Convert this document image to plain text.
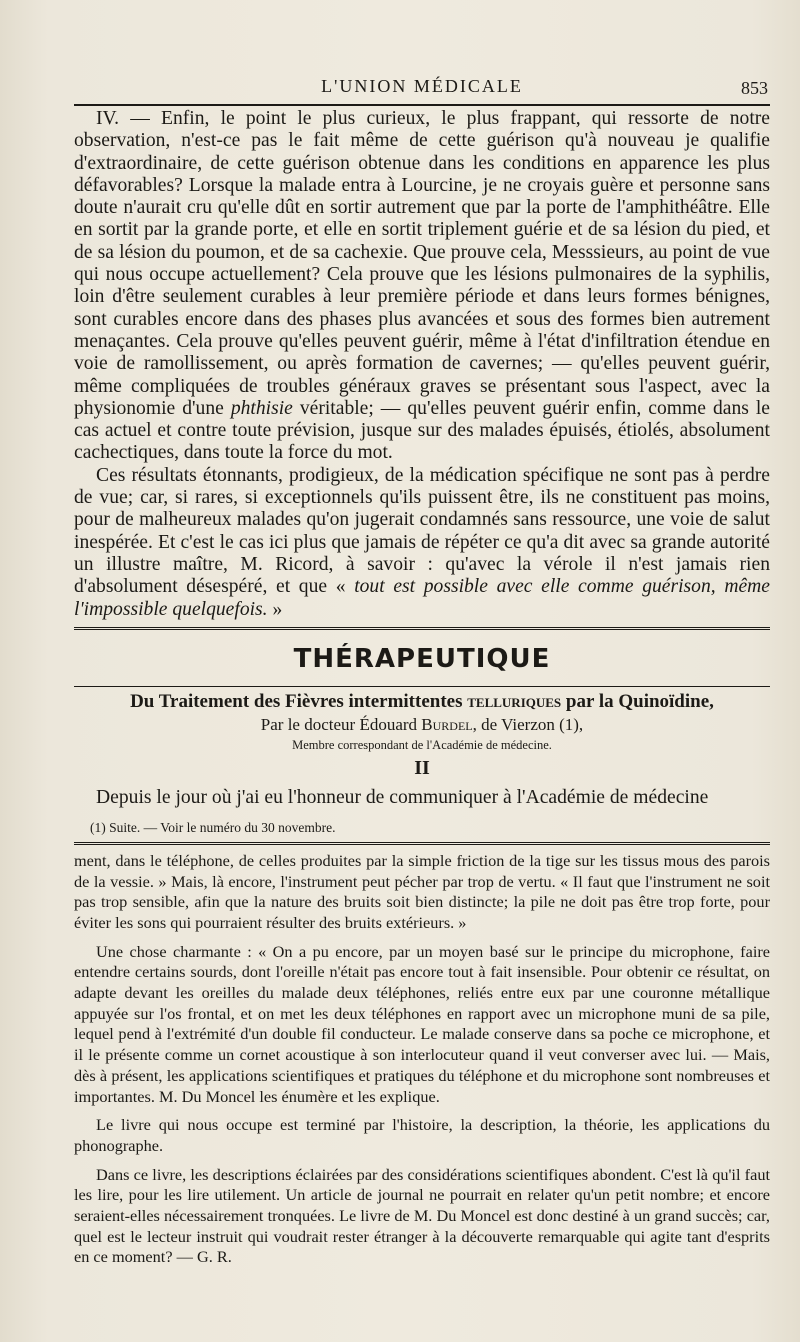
L'UNION MÉDICALE	853

IV. — Enfin, le point le plus curieux, le plus frappant, qui ressorte de notre observation, n'est-ce pas le fait même de cette guérison qu'à nouveau je qualifie d'extraordinaire, de cette guérison obtenue dans les conditions en apparence les plus défavorables? Lorsque la malade entra à Lourcine, je ne croyais guère et personne sans doute n'aurait cru qu'elle dût en sortir autrement que par la porte de l'amphithéâtre. Elle en sortit par la grande porte, et elle en sortit triplement guérie et de sa lésion du pied, et de sa lésion du poumon, et de sa cachexie. Que prouve cela, Messsieurs, au point de vue qui nous occupe actuellement? Cela prouve que les lésions pulmonaires de la syphilis, loin d'être seulement curables à leur première période et dans leurs formes bénignes, sont curables encore dans des phases plus avancées et sous des formes bien autrement menaçantes. Cela prouve qu'elles peuvent guérir, même à l'état d'infiltration étendue en voie de ramollissement, ou après formation de cavernes; — qu'elles peuvent guérir, même compliquées de troubles généraux graves se présentant sous l'aspect, avec la physionomie d'une phthisie véritable; — qu'elles peuvent guérir enfin, comme dans le cas actuel et contre toute prévision, jusque sur des malades épuisés, étiolés, absolument cachectiques, dans toute la force du mot.

Ces résultats étonnants, prodigieux, de la médication spécifique ne sont pas à perdre de vue; car, si rares, si exceptionnels qu'ils puissent être, ils ne constituent pas moins, pour de malheureux malades qu'on jugerait condamnés sans ressource, une voie de salut inespérée. Et c'est le cas ici plus que jamais de répéter ce qu'a dit avec sa grande autorité un illustre maître, M. Ricord, à savoir : qu'avec la vérole il n'est jamais rien d'absolument désespéré, et que « tout est possible avec elle comme guérison, même l'impossible quelquefois. »

THÉRAPEUTIQUE
Du Traitement des Fièvres intermittentes telluriques par la Quinoïdine,
Par le docteur Édouard Burdel, de Vierzon (1),
Membre correspondant de l'Académie de médecine.
II

Depuis le jour où j'ai eu l'honneur de communiquer à l'Académie de médecine

(1) Suite. — Voir le numéro du 30 novembre.

ment, dans le téléphone, de celles produites par la simple friction de la tige sur les tissus mous des parois de la vessie. » Mais, là encore, l'instrument peut pécher par trop de vertu. « Il faut que l'instrument ne soit pas trop sensible, afin que la nature des bruits soit bien distincte; la pile ne doit pas être trop forte, pour éviter les sons qui pourraient résulter des bruits extérieurs. »

Une chose charmante : « On a pu encore, par un moyen basé sur le principe du microphone, faire entendre certains sourds, dont l'oreille n'était pas encore tout à fait insensible. Pour obtenir ce résultat, on adapte devant les oreilles du malade deux téléphones, reliés entre eux par une couronne métallique appuyée sur l'os frontal, et on met les deux téléphones en rapport avec un microphone muni de sa pile, lequel pend à l'extrémité d'un double fil conducteur. Le malade conserve dans sa poche ce microphone, et il le présente comme un cornet acoustique à son interlocuteur quand il veut converser avec lui. — Mais, dès à présent, les applications scientifiques et pratiques du téléphone et du microphone sont nombreuses et importantes. M. Du Moncel les énumère et les explique.

Le livre qui nous occupe est terminé par l'histoire, la description, la théorie, les applications du phonographe.

Dans ce livre, les descriptions éclairées par des considérations scientifiques abondent. C'est là qu'il faut les lire, pour les lire utilement. Un article de journal ne pourrait en relater qu'un petit nombre; et encore seraient-elles nécessairement tronquées. Le livre de M. Du Moncel est donc destiné à un grand succès; car, quel est le lecteur instruit qui voudrait rester étranger à la découverte remarquable qui agite tant d'esprits en ce moment? — G. R.
